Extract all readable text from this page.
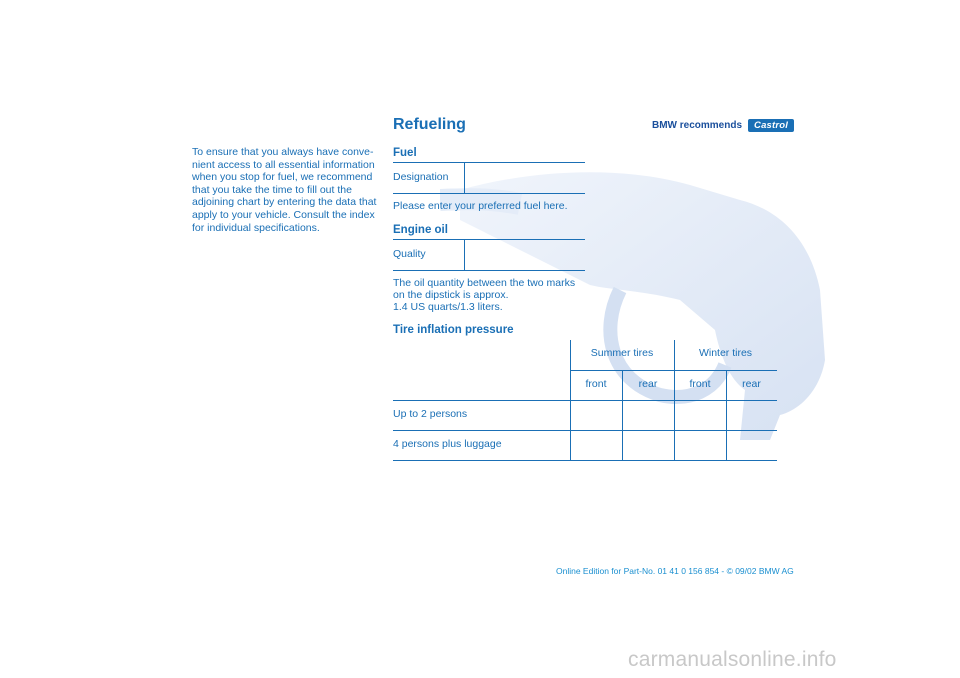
To ensure that you always have conve-
nient access to all essential information
when you stop for fuel, we recommend
that you take the time to fill out the
adjoining chart by entering the data that
apply to your vehicle. Consult the index
for individual specifications.
Refueling	BMW recommends	Castrol
Fuel
Designation
Please enter your preferred fuel here.
Engine oil
Quality
The oil quantity between the two marks
on the dipstick is approx.
1.4 US quarts/1.3 liters.
Tire inflation pressure
Summer tires	Winter tires
front	rear	front	rear
Up to 2 persons
4 persons plus luggage
Online Edition for Part-No. 01 41 0 156 854 - © 09/02 BMW AG
carmanualsonline.info
